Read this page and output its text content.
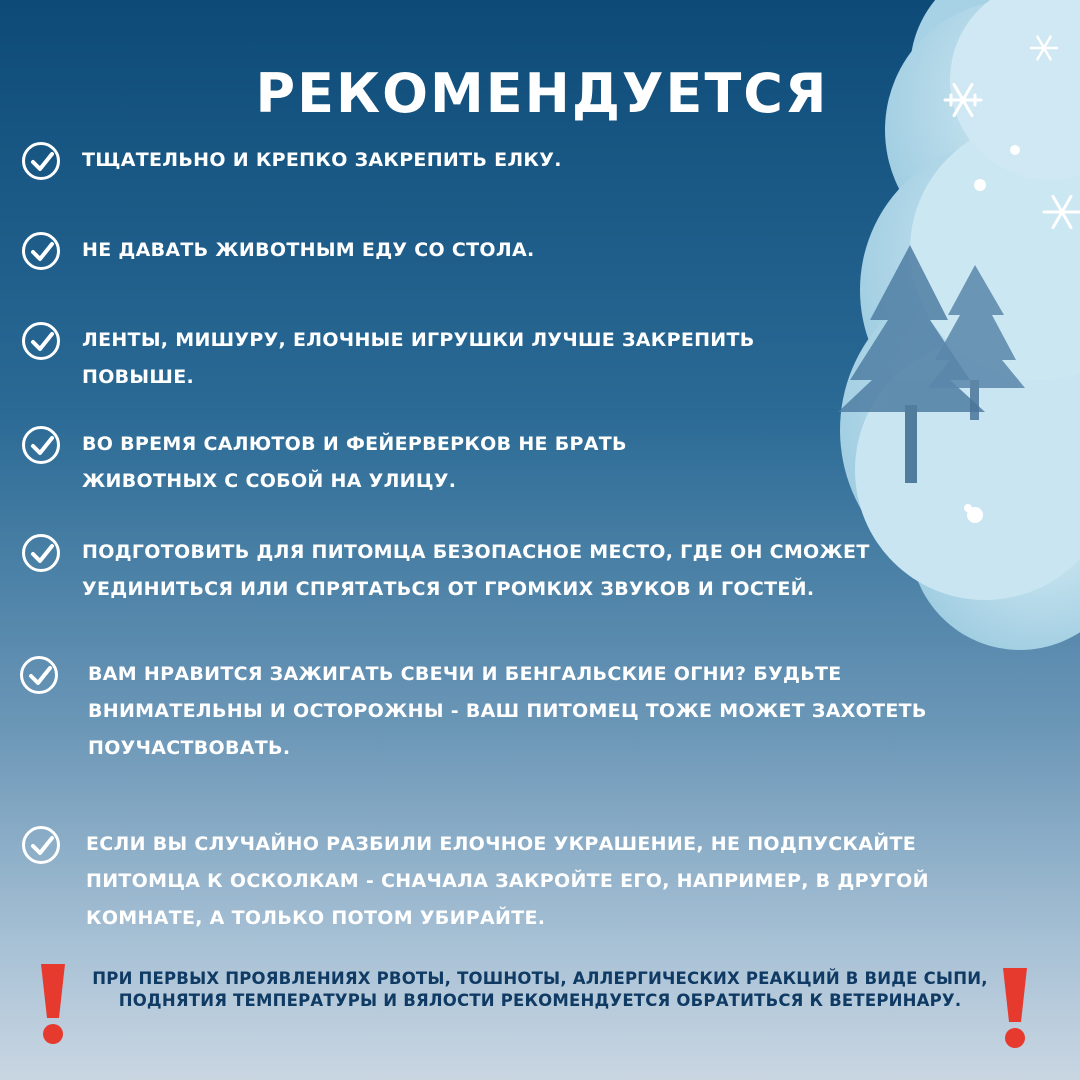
РЕКОМЕНДУЕТСЯ
ТЩАТЕЛЬНО И КРЕПКО ЗАКРЕПИТЬ ЕЛКУ.
НЕ ДАВАТЬ ЖИВОТНЫМ ЕДУ СО СТОЛА.
ЛЕНТЫ, МИШУРУ, ЕЛОЧНЫЕ ИГРУШКИ ЛУЧШЕ ЗАКРЕПИТЬ ПОВЫШЕ.
ВО ВРЕМЯ САЛЮТОВ И ФЕЙЕРВЕРКОВ НЕ БРАТЬ ЖИВОТНЫХ С СОБОЙ НА УЛИЦУ.
ПОДГОТОВИТЬ ДЛЯ ПИТОМЦА БЕЗОПАСНОЕ МЕСТО, ГДЕ ОН СМОЖЕТ УЕДИНИТЬСЯ ИЛИ СПРЯТАТЬСЯ ОТ ГРОМКИХ ЗВУКОВ И ГОСТЕЙ.
ВАМ НРАВИТСЯ ЗАЖИГАТЬ СВЕЧИ И БЕНГАЛЬСКИЕ ОГНИ? БУДЬТЕ ВНИМАТЕЛЬНЫ И ОСТОРОЖНЫ - ВАШ ПИТОМЕЦ ТОЖЕ МОЖЕТ ЗАХОТЕТЬ ПОУЧАСТВОВАТЬ.
ЕСЛИ ВЫ СЛУЧАЙНО РАЗБИЛИ ЕЛОЧНОЕ УКРАШЕНИЕ, НЕ ПОДПУСКАЙТЕ ПИТОМЦА К ОСКОЛКАМ - СНАЧАЛА ЗАКРОЙТЕ ЕГО, НАПРИМЕР, В ДРУГОЙ КОМНАТЕ, А ТОЛЬКО ПОТОМ УБИРАЙТЕ.
ПРИ ПЕРВЫХ ПРОЯВЛЕНИЯХ РВОТЫ, ТОШНОТЫ, АЛЛЕРГИЧЕСКИХ РЕАКЦИЙ В ВИДЕ СЫПИ, ПОДНЯТИЯ ТЕМПЕРАТУРЫ И ВЯЛОСТИ РЕКОМЕНДУЕТСЯ ОБРАТИТЬСЯ К ВЕТЕРИНАРУ.
